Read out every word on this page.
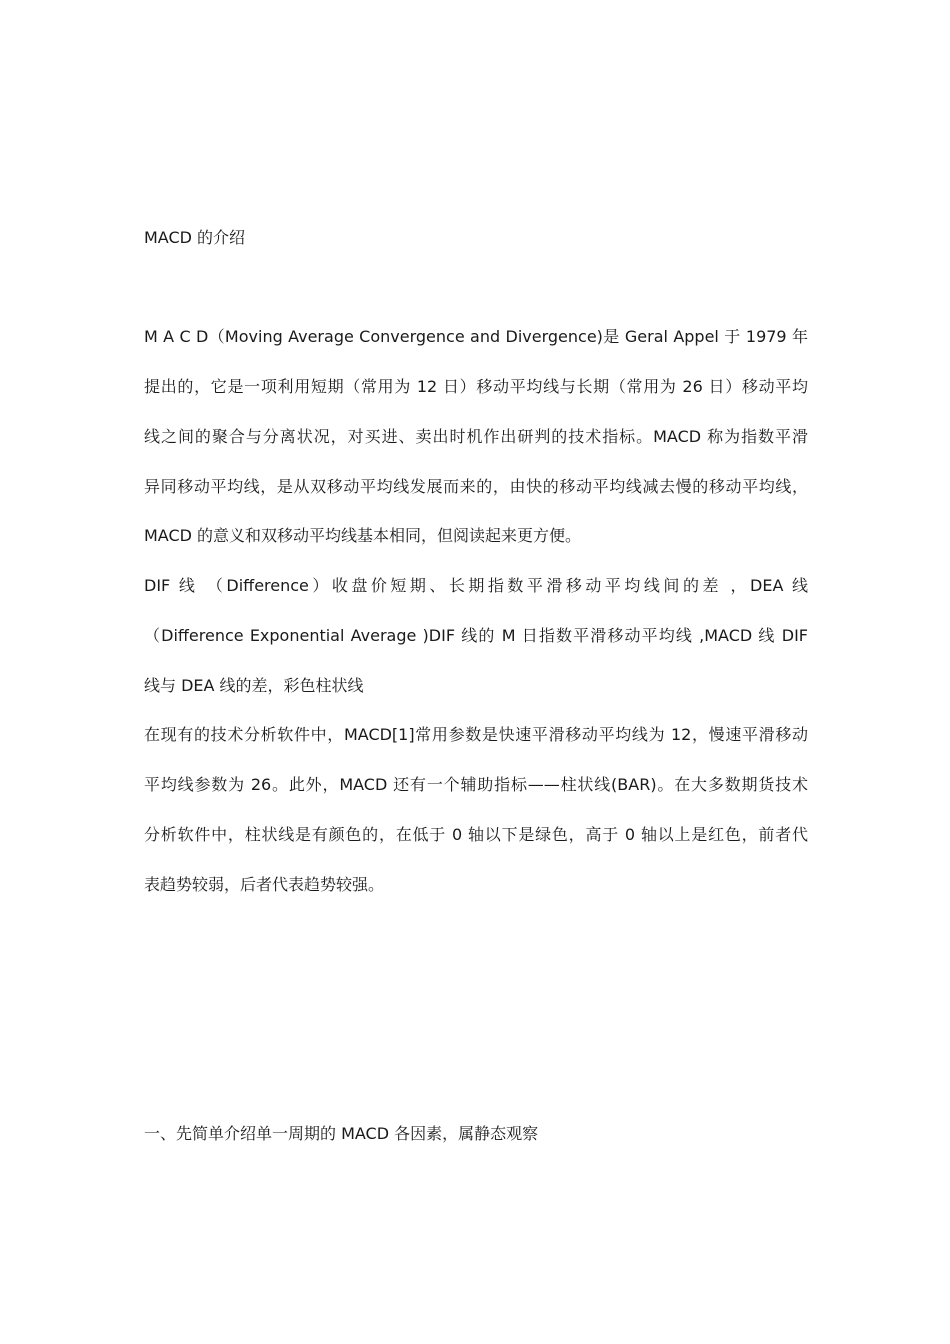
MACD 的介绍

M A C D（Moving Average Convergence and Divergence)是 Geral Appel 于 1979 年

提出的，它是一项利用短期（常用为 12 日）移动平均线与长期（常用为 26 日）移动平均

线之间的聚合与分离状况，对买进、卖出时机作出研判的技术指标。MACD 称为指数平滑

异同移动平均线，是从双移动平均线发展而来的，由快的移动平均线减去慢的移动平均线，

MACD 的意义和双移动平均线基本相同，但阅读起来更方便。

DIF 线 （Difference）收盘价短期、长期指数平滑移动平均线间的差 ，DEA 线

（Difference Exponential Average )DIF 线的 M 日指数平滑移动平均线 ,MACD 线 DIF

线与 DEA 线的差，彩色柱状线

在现有的技术分析软件中，MACD[1]常用参数是快速平滑移动平均线为 12，慢速平滑移动

平均线参数为 26。此外，MACD 还有一个辅助指标——柱状线(BAR)。在大多数期货技术

分析软件中，柱状线是有颜色的，在低于 0 轴以下是绿色，高于 0 轴以上是红色，前者代

表趋势较弱，后者代表趋势较强。

一、先简单介绍单一周期的 MACD 各因素，属静态观察
